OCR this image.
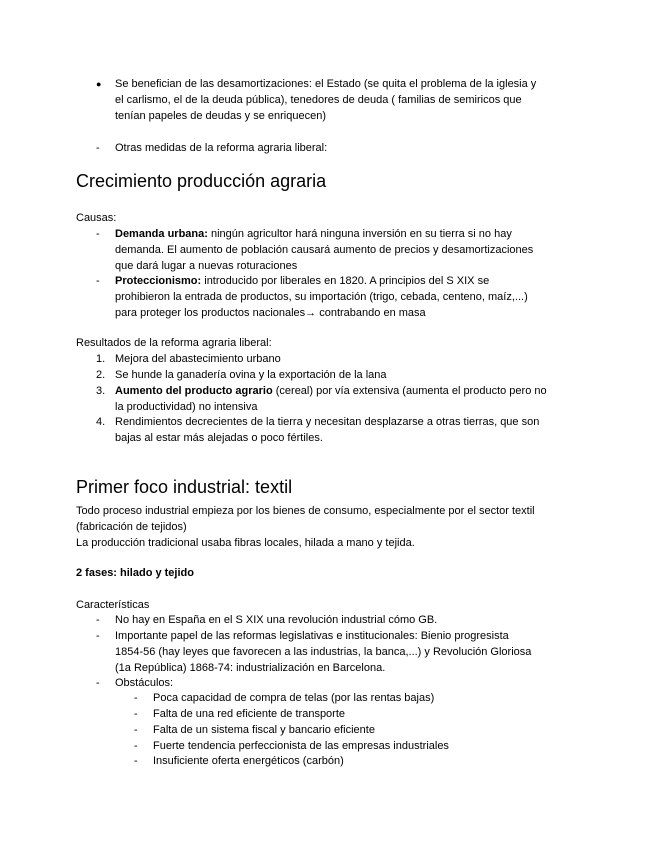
● Se benefician de las desamortizaciones: el Estado (se quita el problema de la iglesia y
el carlismo, el de la deuda pública), tenedores de deuda ( familias de semiricos que
tenían papeles de deudas y se enriquecen)
- Otras medidas de la reforma agraria liberal:
Crecimiento producción agraria
Causas:
- Demanda urbana: ningún agricultor hará ninguna inversión en su tierra si no hay
demanda. El aumento de población causará aumento de precios y desamortizaciones
que dará lugar a nuevas roturaciones
- Proteccionismo: introducido por liberales en 1820. A principios del S XIX se
prohibieron la entrada de productos, su importación (trigo, cebada, centeno, maíz,...)
para proteger los productos nacionales→ contrabando en masa
Resultados de la reforma agraria liberal:
1. Mejora del abastecimiento urbano
2. Se hunde la ganadería ovina y la exportación de la lana
3. Aumento del producto agrario (cereal) por vía extensiva (aumenta el producto pero no
la productividad) no intensiva
4. Rendimientos decrecientes de la tierra y necesitan desplazarse a otras tierras, que son
bajas al estar más alejadas o poco fértiles.
Primer foco industrial: textil
Todo proceso industrial empieza por los bienes de consumo, especialmente por el sector textil
(fabricación de tejidos)
La producción tradicional usaba fibras locales, hilada a mano y tejida.
2 fases: hilado y tejido
Características
- No hay en España en el S XIX una revolución industrial cómo GB.
- Importante papel de las reformas legislativas e institucionales: Bienio progresista
1854-56 (hay leyes que favorecen a las industrias, la banca,...) y Revolución Gloriosa
(1a República) 1868-74: industrialización en Barcelona.
- Obstáculos:
- Poca capacidad de compra de telas (por las rentas bajas)
- Falta de una red eficiente de transporte
- Falta de un sistema fiscal y bancario eficiente
- Fuerte tendencia perfeccionista de las empresas industriales
- Insuficiente oferta energéticos (carbón)
